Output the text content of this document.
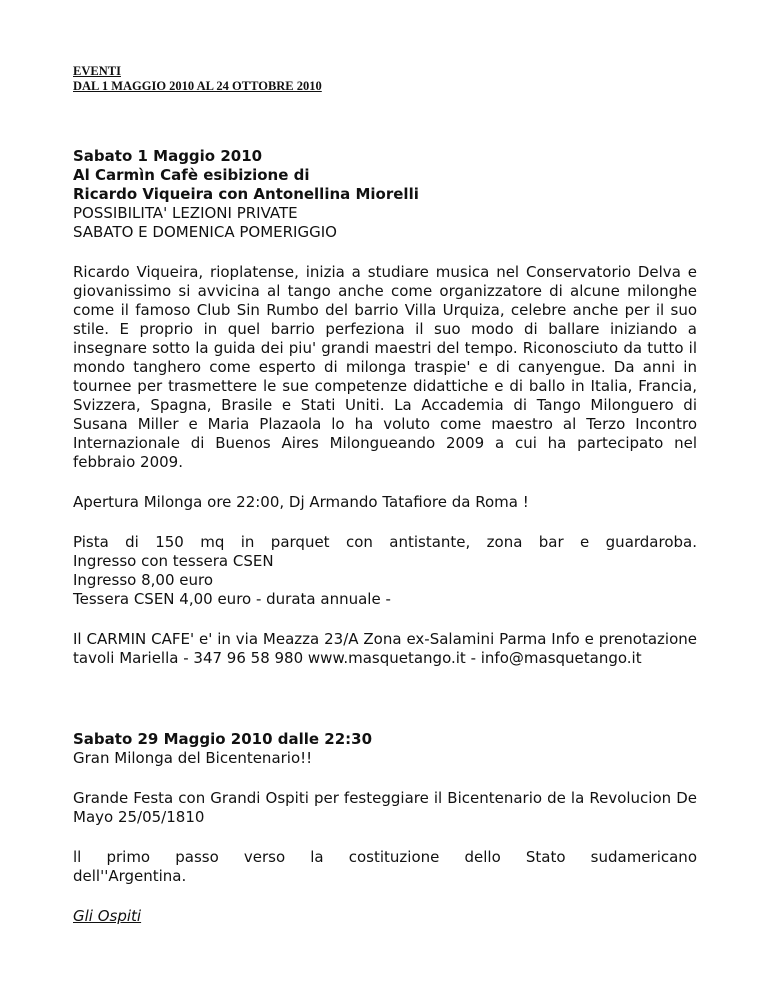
EVENTI

DAL 1 MAGGIO 2010 AL 24 OTTOBRE 2010

Sabato 1 Maggio 2010

Al Carmìn Cafè esibizione di

Ricardo Viqueira con Antonellina Miorelli

POSSIBILITA' LEZIONI PRIVATE

SABATO E DOMENICA POMERIGGIO

Ricardo Viqueira, rioplatense, inizia a studiare musica nel Conservatorio Delva e giovanissimo si avvicina al tango anche come organizzatore di alcune milonghe come il famoso Club Sin Rumbo del barrio Villa Urquiza, celebre anche per il suo stile. E proprio in quel barrio perfeziona il suo modo di ballare iniziando a insegnare sotto la guida dei piu' grandi maestri del tempo. Riconosciuto da tutto il mondo tanghero come esperto di milonga traspie' e di canyengue. Da anni in tournee per trasmettere le sue competenze didattiche e di ballo in Italia, Francia, Svizzera, Spagna, Brasile e Stati Uniti. La Accademia di Tango Milonguero di Susana Miller e Maria Plazaola lo ha voluto come maestro al Terzo Incontro Internazionale di Buenos Aires Milongueando 2009 a cui ha partecipato nel febbraio 2009.

Apertura Milonga ore 22:00, Dj Armando Tatafiore da Roma !

Pista di 150 mq in parquet con antistante, zona bar e guardaroba.

Ingresso con tessera CSEN

Ingresso 8,00 euro

Tessera CSEN 4,00 euro - durata annuale -

Il CARMIN CAFE' e' in via Meazza 23/A Zona ex-Salamini Parma Info e prenotazione tavoli Mariella - 347 96 58 980 www.masquetango.it - info@masquetango.it

Sabato 29 Maggio 2010 dalle 22:30

Gran Milonga del Bicentenario!!

Grande Festa con Grandi Ospiti per festeggiare il Bicentenario de la Revolucion De Mayo 25/05/1810

ll primo passo verso la costituzione dello Stato sudamericano

dell''Argentina.

Gli Ospiti
